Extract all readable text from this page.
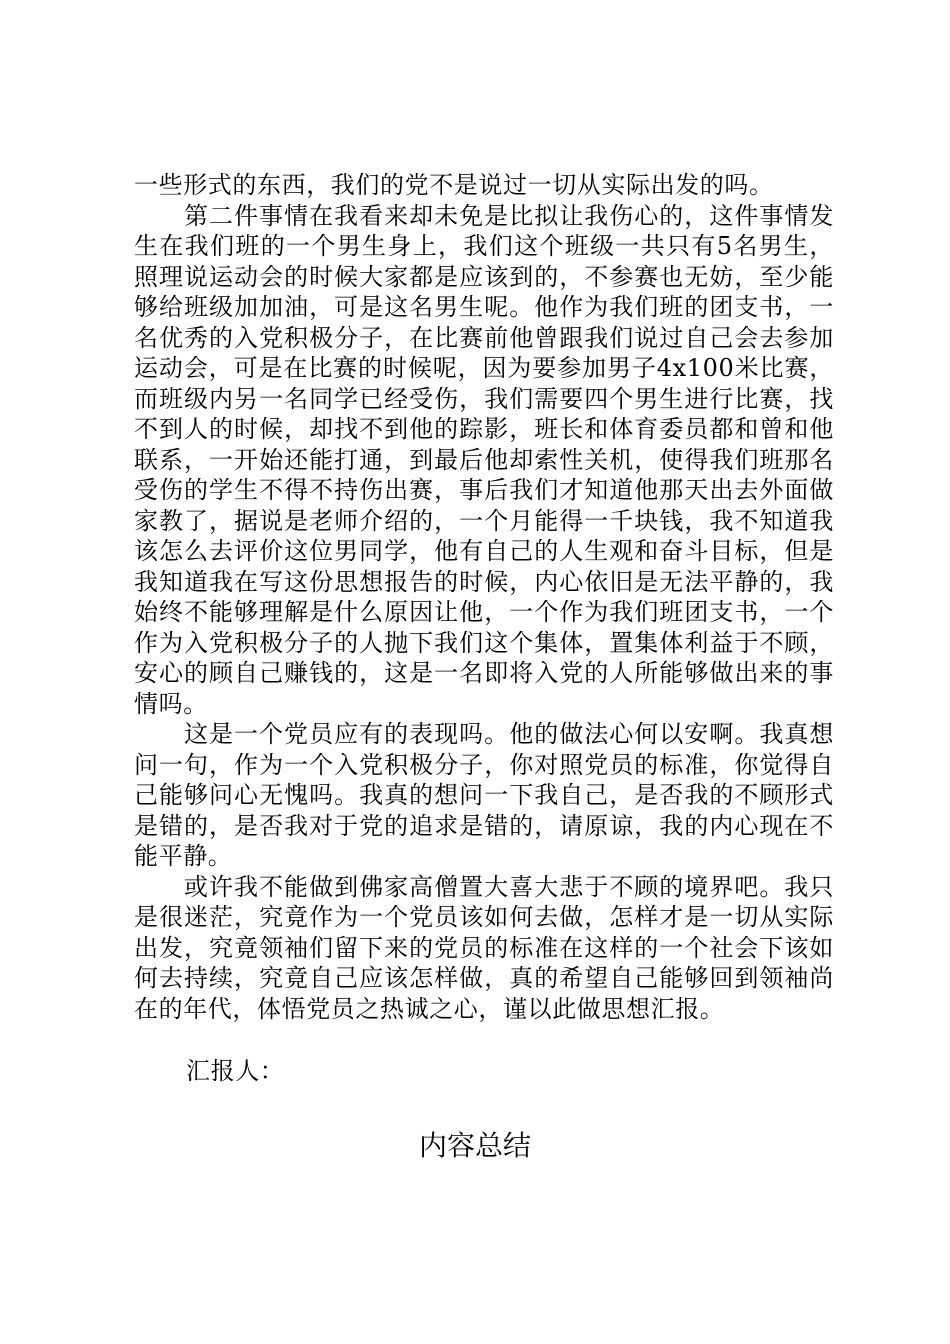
一些形式的东西，我们的党不是说过一切从实际出发的吗。

第二件事情在我看来却未免是比拟让我伤心的，这件事情发生在我们班的一个男生身上，我们这个班级一共只有5名男生，照理说运动会的时候大家都是应该到的，不参赛也无妨，至少能够给班级加加油，可是这名男生呢。他作为我们班的团支书，一名优秀的入党积极分子，在比赛前他曾跟我们说过自己会去参加运动会，可是在比赛的时候呢，因为要参加男子4x100米比赛，而班级内另一名同学已经受伤，我们需要四个男生进行比赛，找不到人的时候，却找不到他的踪影，班长和体育委员都和曾和他联系，一开始还能打通，到最后他却索性关机，使得我们班那名受伤的学生不得不持伤出赛，事后我们才知道他那天出去外面做家教了，据说是老师介绍的，一个月能得一千块钱，我不知道我该怎么去评价这位男同学，他有自己的人生观和奋斗目标，但是我知道我在写这份思想报告的时候，内心依旧是无法平静的，我始终不能够理解是什么原因让他，一个作为我们班团支书，一个作为入党积极分子的人抛下我们这个集体，置集体利益于不顾，安心的顾自己赚钱的，这是一名即将入党的人所能够做出来的事情吗。

这是一个党员应有的表现吗。他的做法心何以安啊。我真想问一句，作为一个入党积极分子，你对照党员的标准，你觉得自己能够问心无愧吗。我真的想问一下我自己，是否我的不顾形式是错的，是否我对于党的追求是错的，请原谅，我的内心现在不能平静。

或许我不能做到佛家高僧置大喜大悲于不顾的境界吧。我只是很迷茫，究竟作为一个党员该如何去做，怎样才是一切从实际出发，究竟领袖们留下来的党员的标准在这样的一个社会下该如何去持续，究竟自己应该怎样做，真的希望自己能够回到领袖尚在的年代，体悟党员之热诚之心，谨以此做思想汇报。

汇报人：
内容总结
